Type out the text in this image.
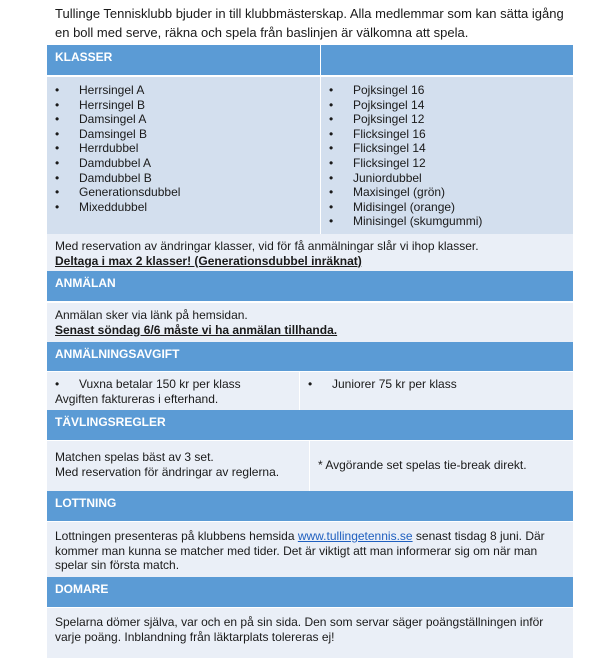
Tullinge Tennisklubb bjuder in till klubbmästerskap. Alla medlemmar som kan sätta igång en boll med serve, räkna och spela från baslinjen är välkomna att spela.
KLASSER
• Herrsingel A
• Herrsingel B
• Damsingel A
• Damsingel B
• Herrdubbel
• Damdubbel A
• Damdubbel B
• Generationsdubbel
• Mixeddubbel
• Pojksingel 16
• Pojksingel 14
• Pojksingel 12
• Flicksingel 16
• Flicksingel 14
• Flicksingel 12
• Juniordubbel
• Maxisingel (grön)
• Midisingel (orange)
• Minisingel (skumgummi)
Med reservation av ändringar klasser, vid för få anmälningar slår vi ihop klasser.
Deltaga i max 2 klasser! (Generationsdubbel inräknat)
ANMÄLAN
Anmälan sker via länk på hemsidan.
Senast söndag 6/6 måste vi ha anmälan tillhanda.
ANMÄLNINGSAVGIFT
• Vuxna betalar 150 kr per klass
Avgiften faktureras i efterhand.
• Juniorer 75 kr per klass
TÄVLINGSREGLER
Matchen spelas bäst av 3 set.
Med reservation för ändringar av reglerna.	* Avgörande set spelas tie-break direkt.
LOTTNING
Lottningen presenteras på klubbens hemsida www.tullingetennis.se senast tisdag 8 juni. Där kommer man kunna se matcher med tider. Det är viktigt att man informerar sig om när man spelar sin första match.
DOMARE
Spelarna dömer själva, var och en på sin sida. Den som servar säger poängställningen inför varje poäng. Inblandning från läktarplats tolereras ej!
